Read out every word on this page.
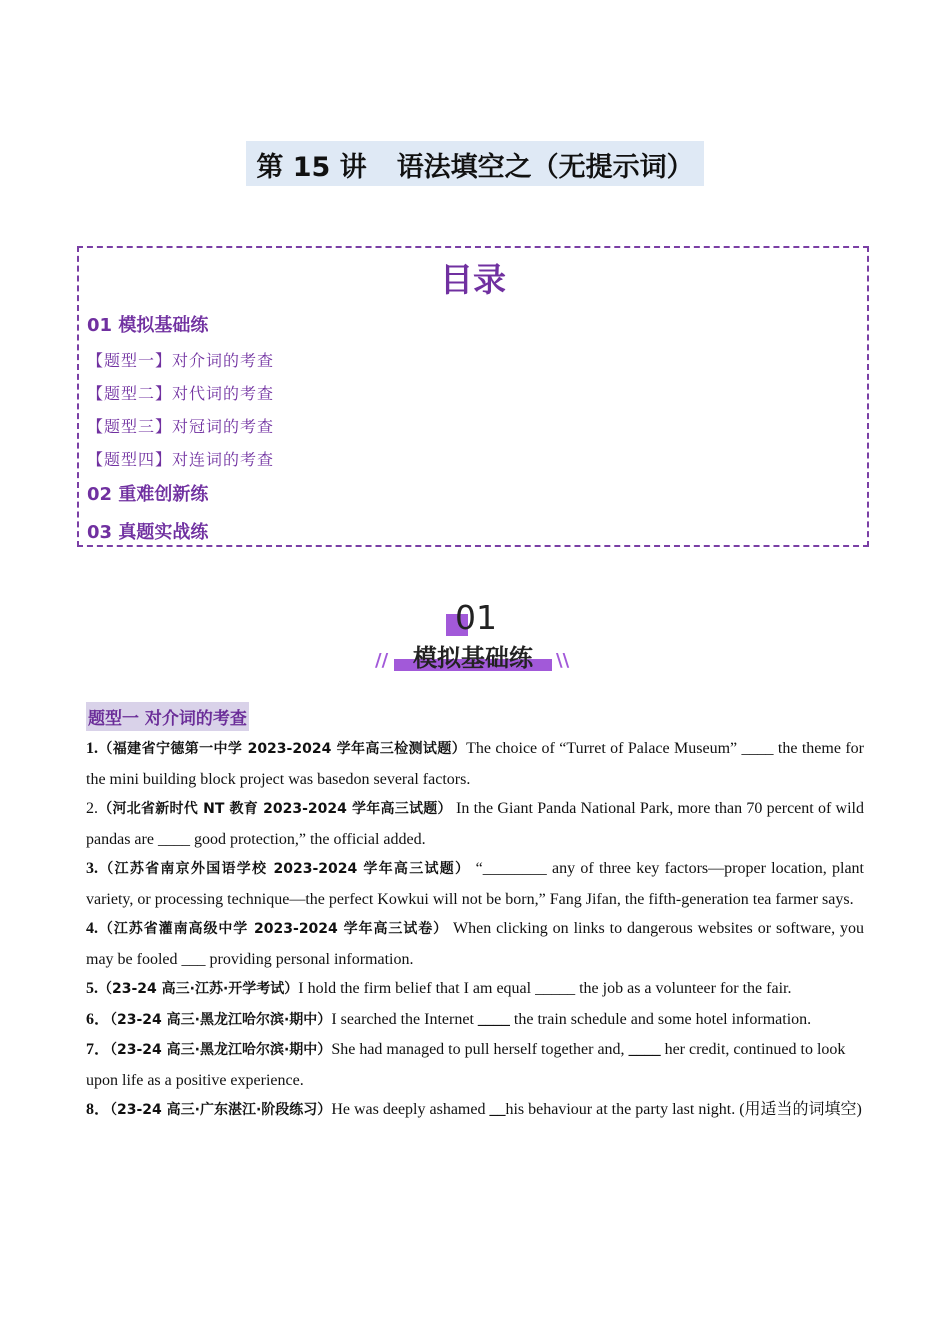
第 15 讲 语法填空之（无提示词）
目录
01 模拟基础练
【题型一】对介词的考查
【题型二】对代词的考查
【题型三】对冠词的考查
【题型四】对连词的考查
02 重难创新练
03 真题实战练
01
模拟基础练
//	\\
题型一 对介词的考查

1.（福建省宁德第一中学 2023-2024 学年高三检测试题）The choice of “Turret of Palace Museum” ____ the theme for the mini building block project was basedon several factors.

2.（河北省新时代 NT 教育 2023-2024 学年高三试题） In the Giant Panda National Park, more than 70 percent of wild pandas are ____ good protection,” the official added.

3.（江苏省南京外国语学校 2023-2024 学年高三试题） “________ any of three key factors—proper location, plant variety, or processing technique—the perfect Kowkui will not be born,” Fang Jifan, the fifth-generation tea farmer says.

4.（江苏省灌南高级中学 2023-2024 学年高三试卷） When clicking on links to dangerous websites or software, you may be fooled ___ providing personal information.

5.（23-24 高三·江苏·开学考试）I hold the firm belief that I am equal _____ the job as a volunteer for the fair.

6．（23-24 高三·黑龙江哈尔滨·期中）I searched the Internet ____ the train schedule and some hotel information.

7．（23-24 高三·黑龙江哈尔滨·期中）She had managed to pull herself together and, ____ her credit, continued to look upon life as a positive experience.

8．（23-24 高三·广东湛江·阶段练习）He was deeply ashamed __his behaviour at the party last night. (用适当的词填空)
